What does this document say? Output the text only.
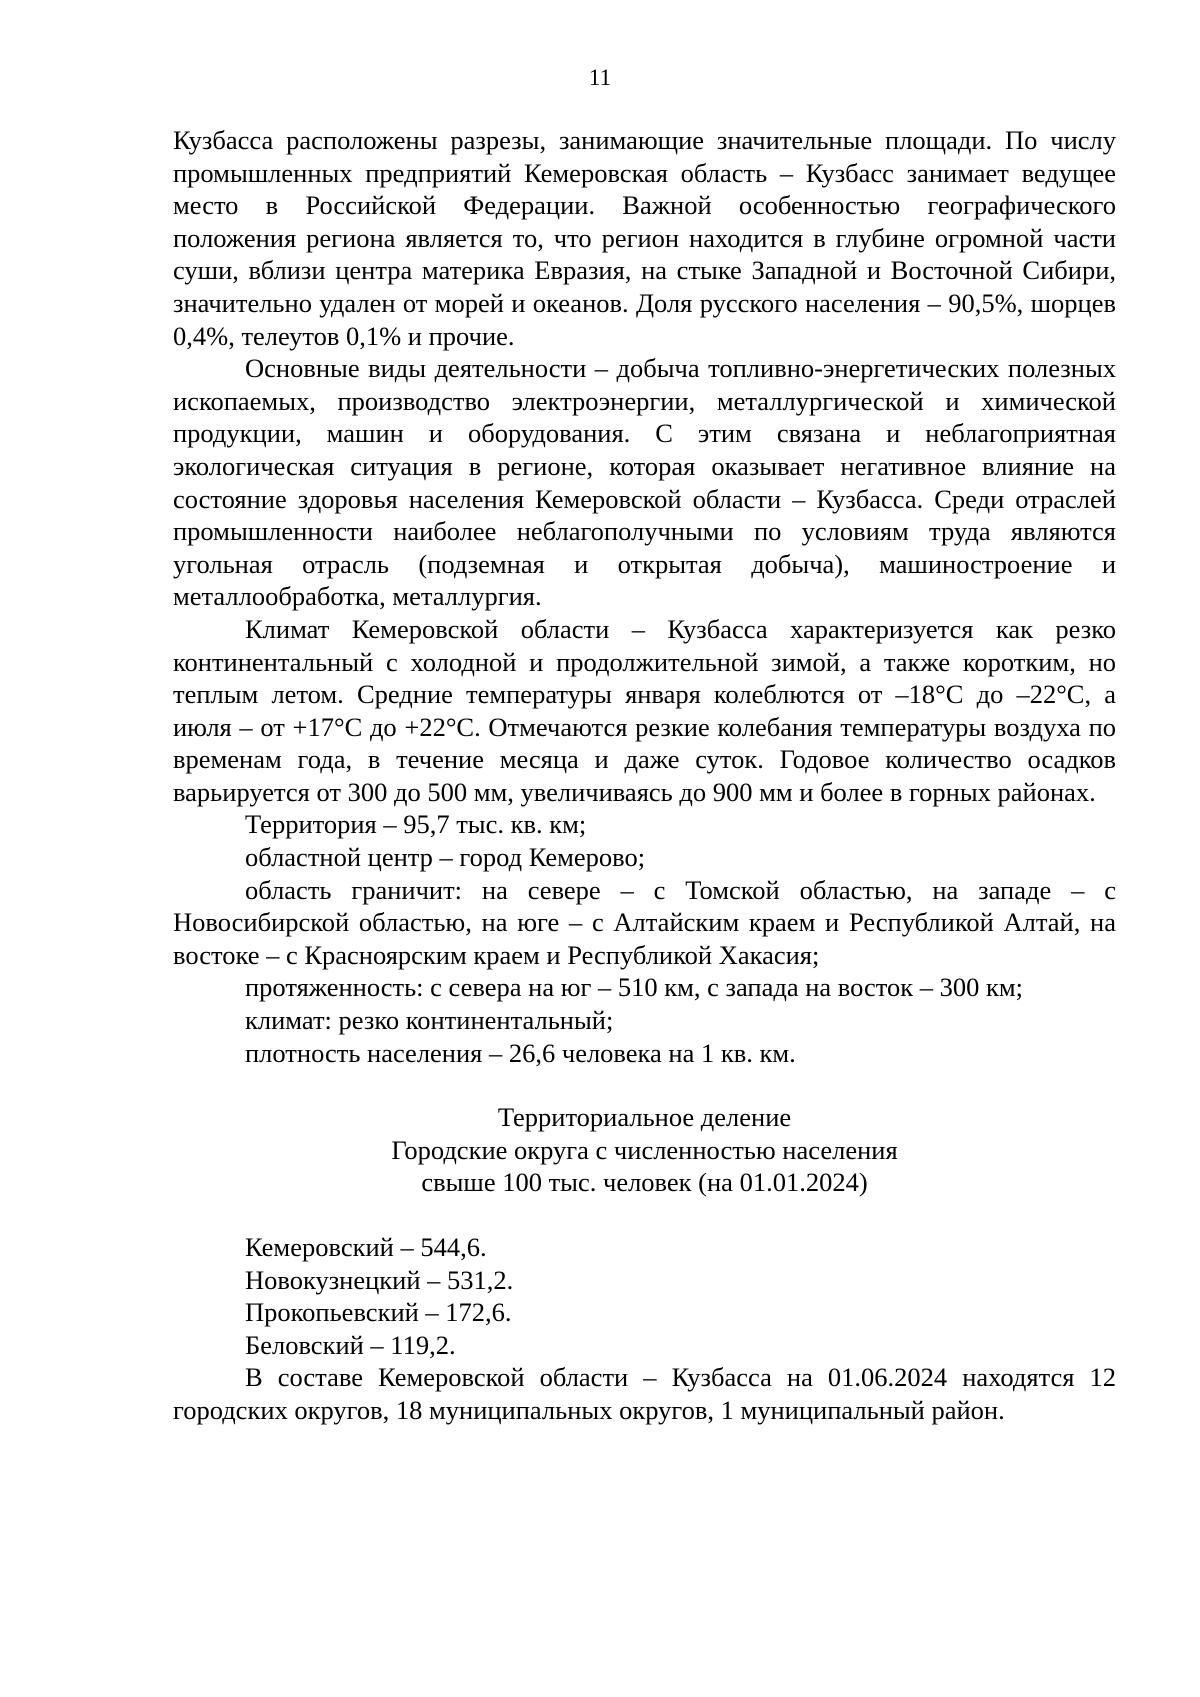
11

Кузбасса расположены разрезы, занимающие значительные площади. По числу промышленных предприятий Кемеровская область – Кузбасс занимает ведущее место в Российской Федерации. Важной особенностью географического положения региона является то, что регион находится в глубине огромной части суши, вблизи центра материка Евразия, на стыке Западной и Восточной Сибири, значительно удален от морей и океанов. Доля русского населения – 90,5%, шорцев 0,4%, телеутов 0,1% и прочие.

Основные виды деятельности – добыча топливно-энергетических полезных ископаемых, производство электроэнергии, металлургической и химической продукции, машин и оборудования. С этим связана и неблагоприятная экологическая ситуация в регионе, которая оказывает негативное влияние на состояние здоровья населения Кемеровской области – Кузбасса. Среди отраслей промышленности наиболее неблагополучными по условиям труда являются угольная отрасль (подземная и открытая добыча), машиностроение и металлообработка, металлургия.

Климат Кемеровской области – Кузбасса характеризуется как резко континентальный с холодной и продолжительной зимой, а также коротким, но теплым летом. Средние температуры января колеблются от –18°C до –22°C, а июля – от +17°C до +22°C. Отмечаются резкие колебания температуры воздуха по временам года, в течение месяца и даже суток. Годовое количество осадков варьируется от 300 до 500 мм, увеличиваясь до 900 мм и более в горных районах.

Территория – 95,7 тыс. кв. км;

областной центр – город Кемерово;

область граничит: на севере – с Томской областью, на западе – с Новосибирской областью, на юге – с Алтайским краем и Республикой Алтай, на востоке – с Красноярским краем и Республикой Хакасия;

протяженность: с севера на юг – 510 км, с запада на восток – 300 км;

климат: резко континентальный;

плотность населения – 26,6 человека на 1 кв. км.

Территориальное деление
Городские округа с численностью населения
свыше 100 тыс. человек (на 01.01.2024)
Кемеровский – 544,6.
Новокузнецкий – 531,2.
Прокопьевский – 172,6.
Беловский – 119,2.

В составе Кемеровской области – Кузбасса на 01.06.2024 находятся 12 городских округов, 18 муниципальных округов, 1 муниципальный район.
